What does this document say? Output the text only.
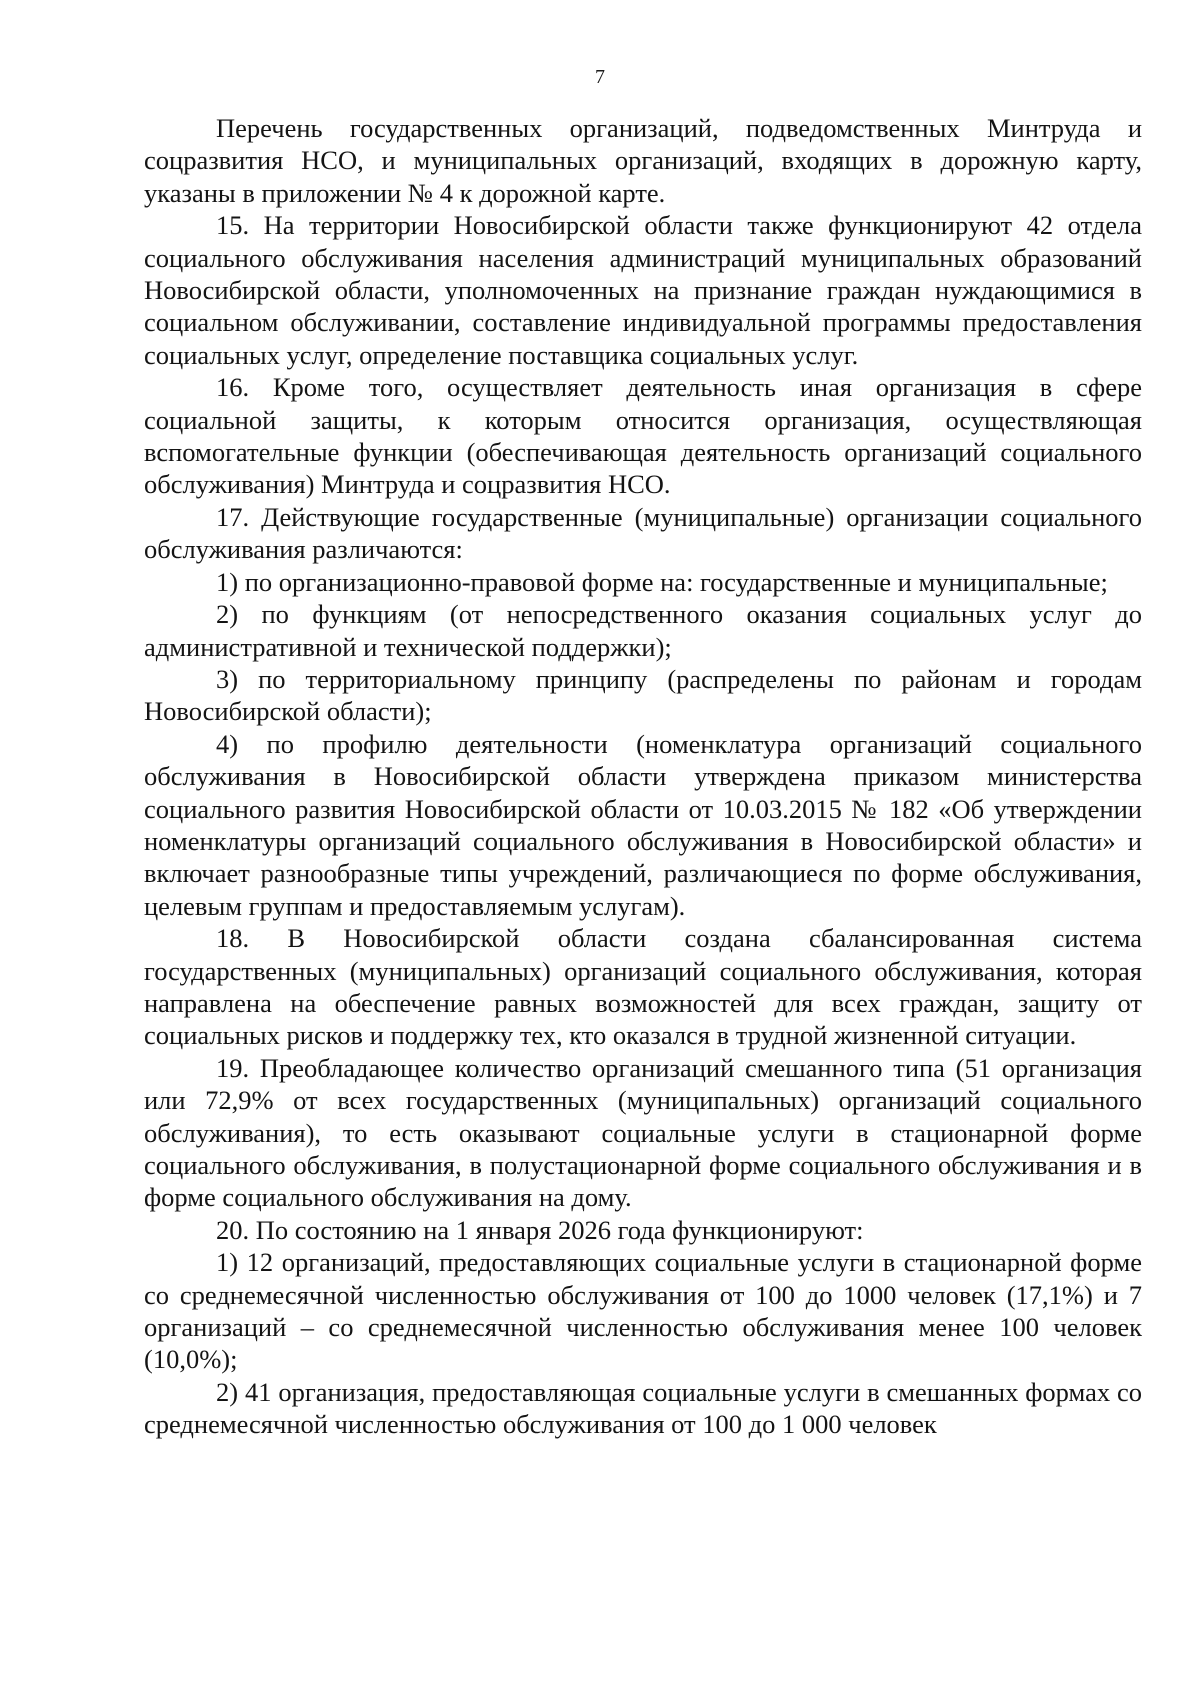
7

Перечень государственных организаций, подведомственных Минтруда и соцразвития НСО, и муниципальных организаций, входящих в дорожную карту, указаны в приложении № 4 к дорожной карте.

15. На территории Новосибирской области также функционируют 42 отдела социального обслуживания населения администраций муниципальных образований Новосибирской области, уполномоченных на признание граждан нуждающимися в социальном обслуживании, составление индивидуальной программы предоставления социальных услуг, определение поставщика социальных услуг.

16. Кроме того, осуществляет деятельность иная организация в сфере социальной защиты, к которым относится организация, осуществляющая вспомогательные функции (обеспечивающая деятельность организаций социального обслуживания) Минтруда и соцразвития НСО.

17. Действующие государственные (муниципальные) организации социального обслуживания различаются:

1) по организационно-правовой форме на: государственные и муниципальные;

2) по функциям (от непосредственного оказания социальных услуг до административной и технической поддержки);

3) по территориальному принципу (распределены по районам и городам Новосибирской области);

4) по профилю деятельности (номенклатура организаций социального обслуживания в Новосибирской области утверждена приказом министерства социального развития Новосибирской области от 10.03.2015 № 182 «Об утверждении номенклатуры организаций социального обслуживания в Новосибирской области» и включает разнообразные типы учреждений, различающиеся по форме обслуживания, целевым группам и предоставляемым услугам).

18. В Новосибирской области создана сбалансированная система государственных (муниципальных) организаций социального обслуживания, которая направлена на обеспечение равных возможностей для всех граждан, защиту от социальных рисков и поддержку тех, кто оказался в трудной жизненной ситуации.

19. Преобладающее количество организаций смешанного типа (51 организация или 72,9% от всех государственных (муниципальных) организаций социального обслуживания), то есть оказывают социальные услуги в стационарной форме социального обслуживания, в полустационарной форме социального обслуживания и в форме социального обслуживания на дому.

20. По состоянию на 1 января 2026 года функционируют:

1) 12 организаций, предоставляющих социальные услуги в стационарной форме со среднемесячной численностью обслуживания от 100 до 1000 человек (17,1%) и 7 организаций – со среднемесячной численностью обслуживания менее 100 человек (10,0%);

2) 41 организация, предоставляющая социальные услуги в смешанных формах со среднемесячной численностью обслуживания от 100 до 1 000 человек
